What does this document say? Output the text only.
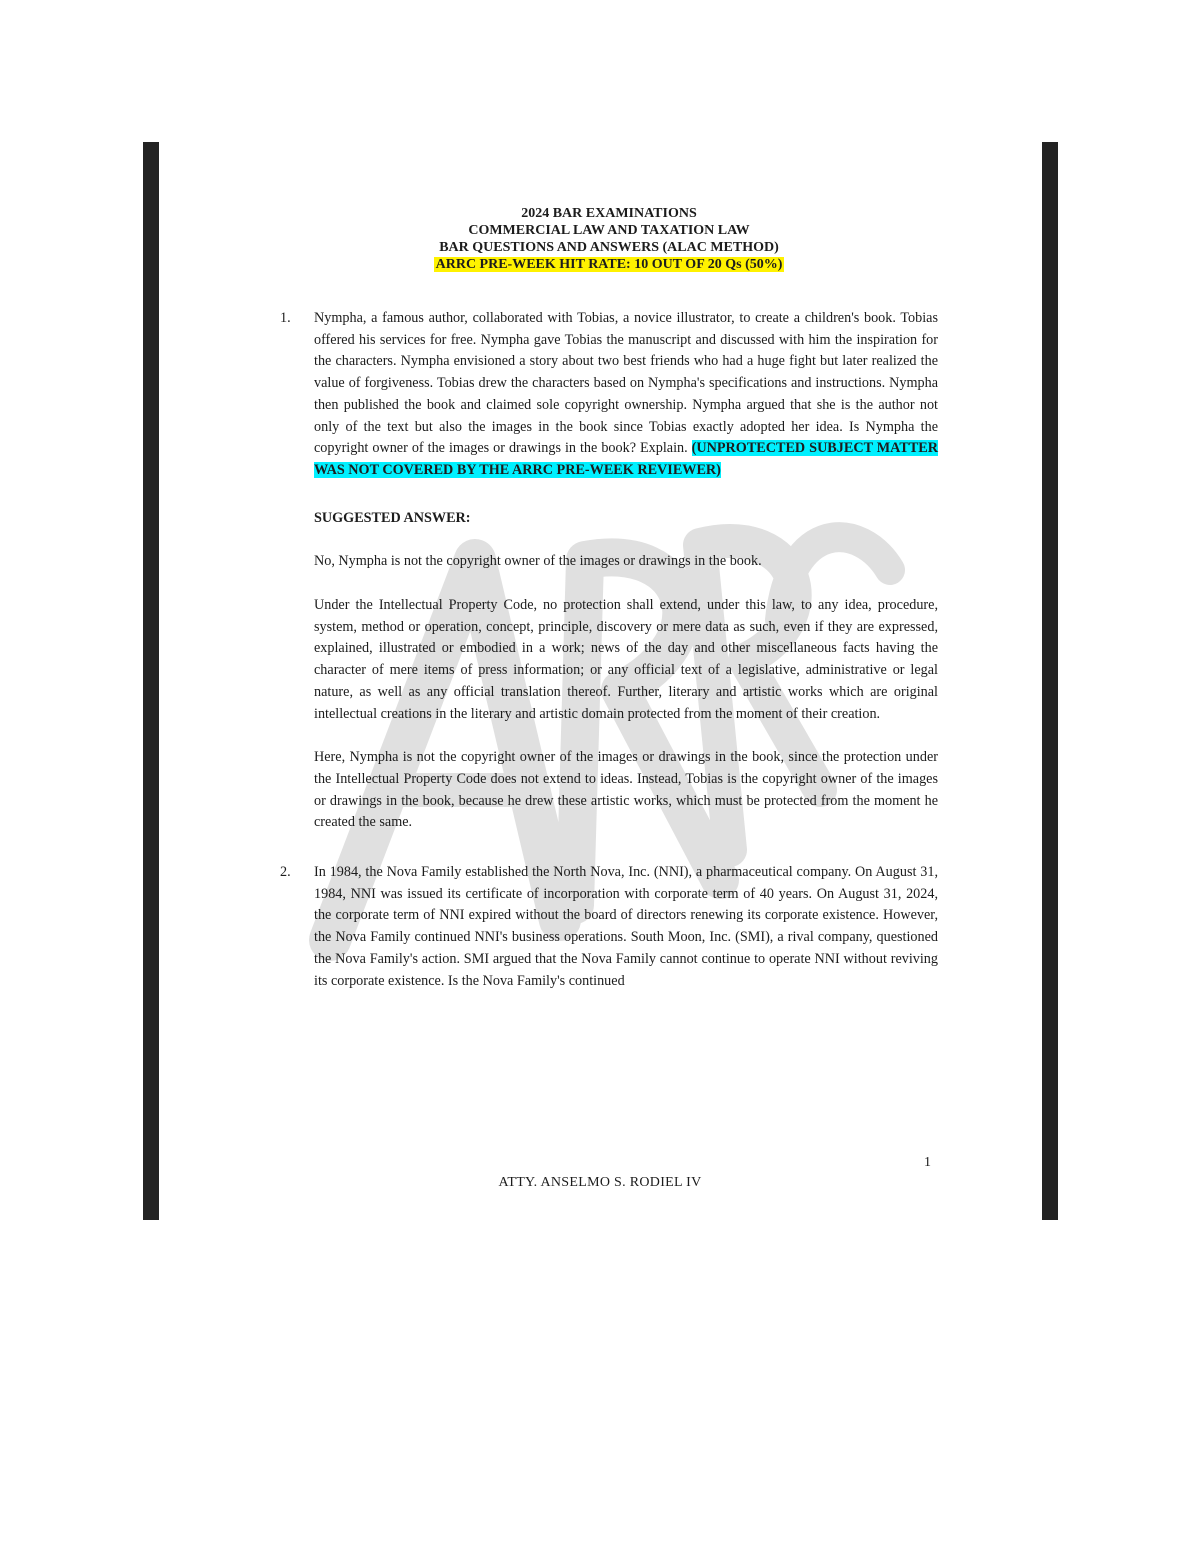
2024 BAR EXAMINATIONS
COMMERCIAL LAW AND TAXATION LAW
BAR QUESTIONS AND ANSWERS (ALAC METHOD)
ARRC PRE-WEEK HIT RATE: 10 OUT OF 20 Qs (50%)
1. Nympha, a famous author, collaborated with Tobias, a novice illustrator, to create a children's book. Tobias offered his services for free. Nympha gave Tobias the manuscript and discussed with him the inspiration for the characters. Nympha envisioned a story about two best friends who had a huge fight but later realized the value of forgiveness. Tobias drew the characters based on Nympha's specifications and instructions. Nympha then published the book and claimed sole copyright ownership. Nympha argued that she is the author not only of the text but also the images in the book since Tobias exactly adopted her idea. Is Nympha the copyright owner of the images or drawings in the book? Explain. (UNPROTECTED SUBJECT MATTER WAS NOT COVERED BY THE ARRC PRE-WEEK REVIEWER)
SUGGESTED ANSWER:
No, Nympha is not the copyright owner of the images or drawings in the book.
Under the Intellectual Property Code, no protection shall extend, under this law, to any idea, procedure, system, method or operation, concept, principle, discovery or mere data as such, even if they are expressed, explained, illustrated or embodied in a work; news of the day and other miscellaneous facts having the character of mere items of press information; or any official text of a legislative, administrative or legal nature, as well as any official translation thereof. Further, literary and artistic works which are original intellectual creations in the literary and artistic domain protected from the moment of their creation.
Here, Nympha is not the copyright owner of the images or drawings in the book, since the protection under the Intellectual Property Code does not extend to ideas. Instead, Tobias is the copyright owner of the images or drawings in the book, because he drew these artistic works, which must be protected from the moment he created the same.
2. In 1984, the Nova Family established the North Nova, Inc. (NNI), a pharmaceutical company. On August 31, 1984, NNI was issued its certificate of incorporation with corporate term of 40 years. On August 31, 2024, the corporate term of NNI expired without the board of directors renewing its corporate existence. However, the Nova Family continued NNI's business operations. South Moon, Inc. (SMI), a rival company, questioned the Nova Family's action. SMI argued that the Nova Family cannot continue to operate NNI without reviving its corporate existence. Is the Nova Family's continued
1
ATTY. ANSELMO S. RODIEL IV
